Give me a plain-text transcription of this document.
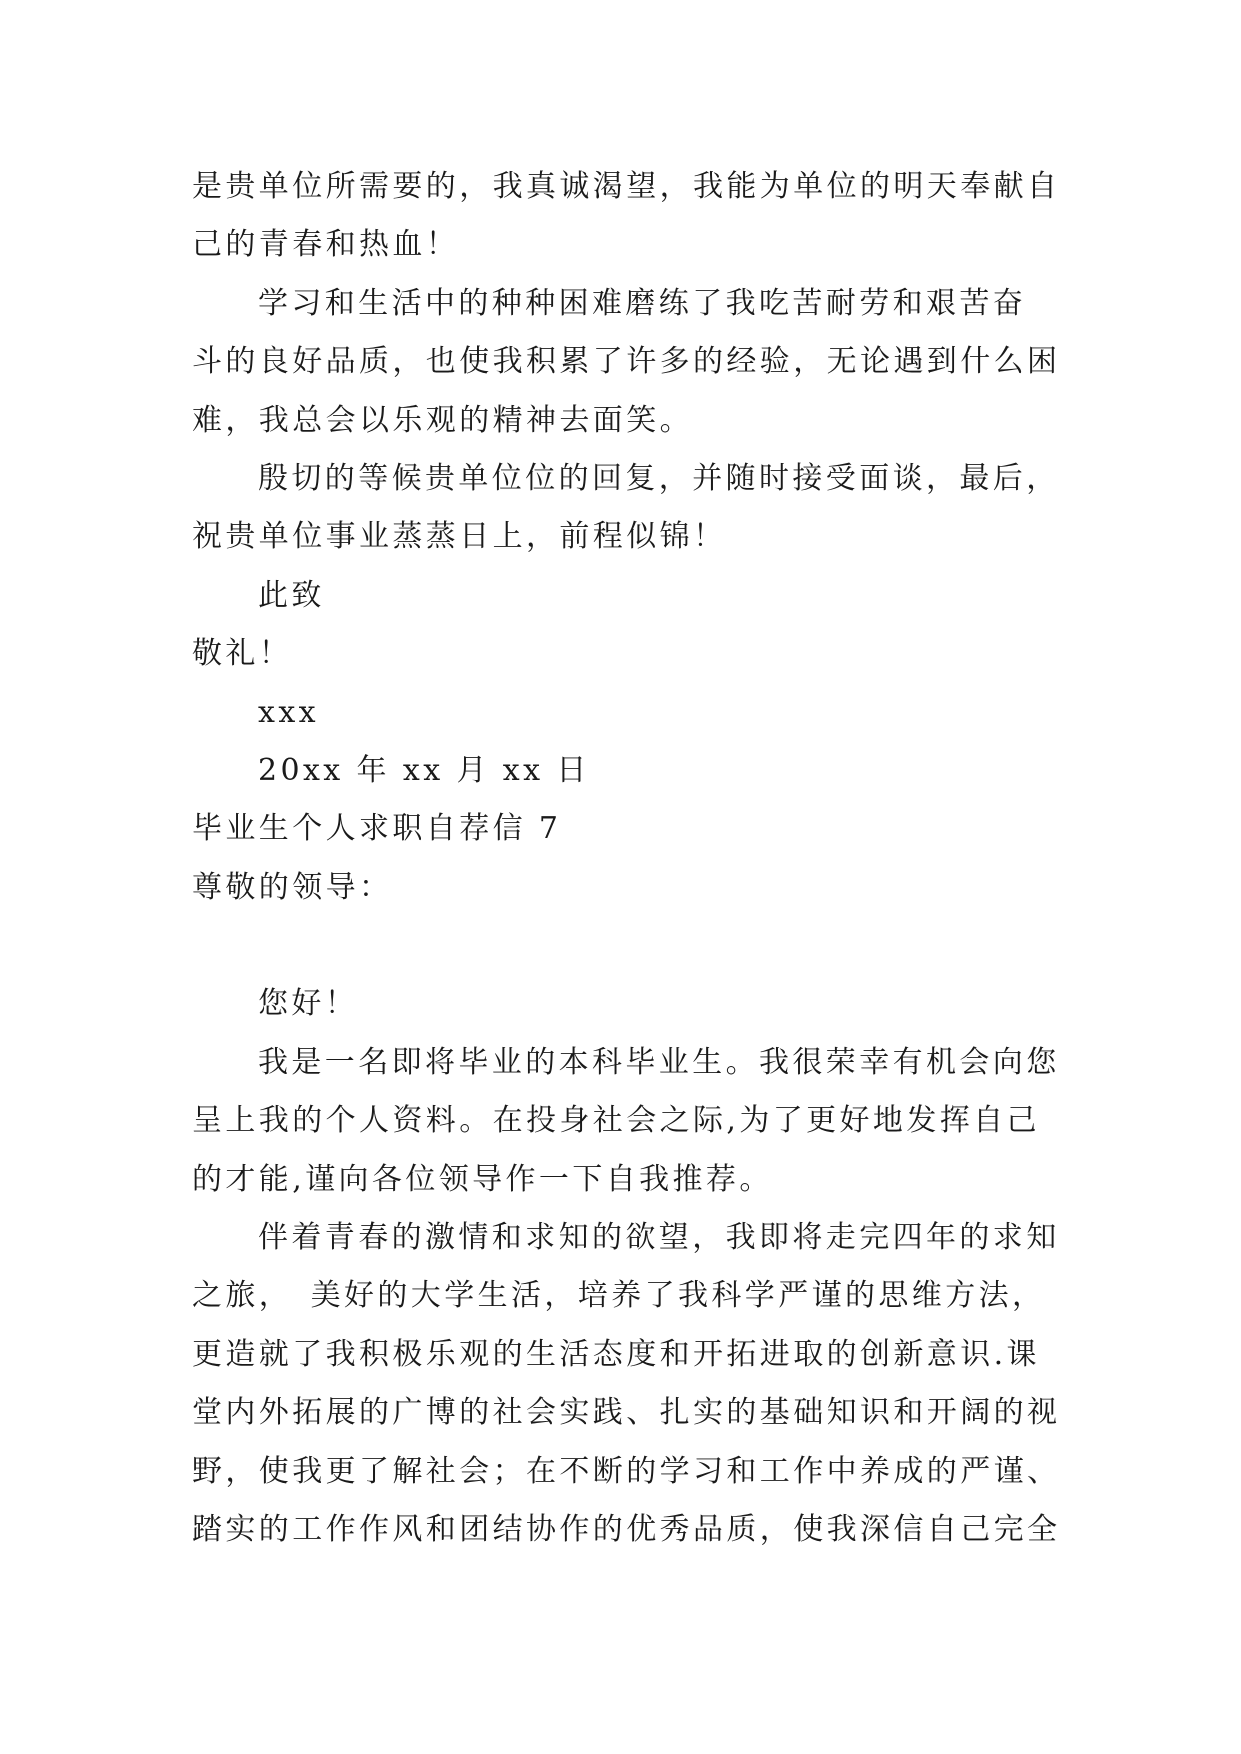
是贵单位所需要的，我真诚渴望，我能为单位的明天奉献自
己的青春和热血！
学习和生活中的种种困难磨练了我吃苦耐劳和艰苦奋
斗的良好品质，也使我积累了许多的经验，无论遇到什么困
难，我总会以乐观的精神去面笑。
殷切的等候贵单位位的回复，并随时接受面谈，最后，
祝贵单位事业蒸蒸日上，前程似锦！
此致
敬礼！
xxx
20xx 年 xx 月 xx 日
毕业生个人求职自荐信 7
尊敬的领导：
您好！
我是一名即将毕业的本科毕业生。我很荣幸有机会向您
呈上我的个人资料。在投身社会之际,为了更好地发挥自己
的才能,谨向各位领导作一下自我推荐。
伴着青春的激情和求知的欲望，我即将走完四年的求知
之旅，　美好的大学生活，培养了我科学严谨的思维方法，
更造就了我积极乐观的生活态度和开拓进取的创新意识.课
堂内外拓展的广博的社会实践、扎实的基础知识和开阔的视
野，使我更了解社会；在不断的学习和工作中养成的严谨、
踏实的工作作风和团结协作的优秀品质，使我深信自己完全
